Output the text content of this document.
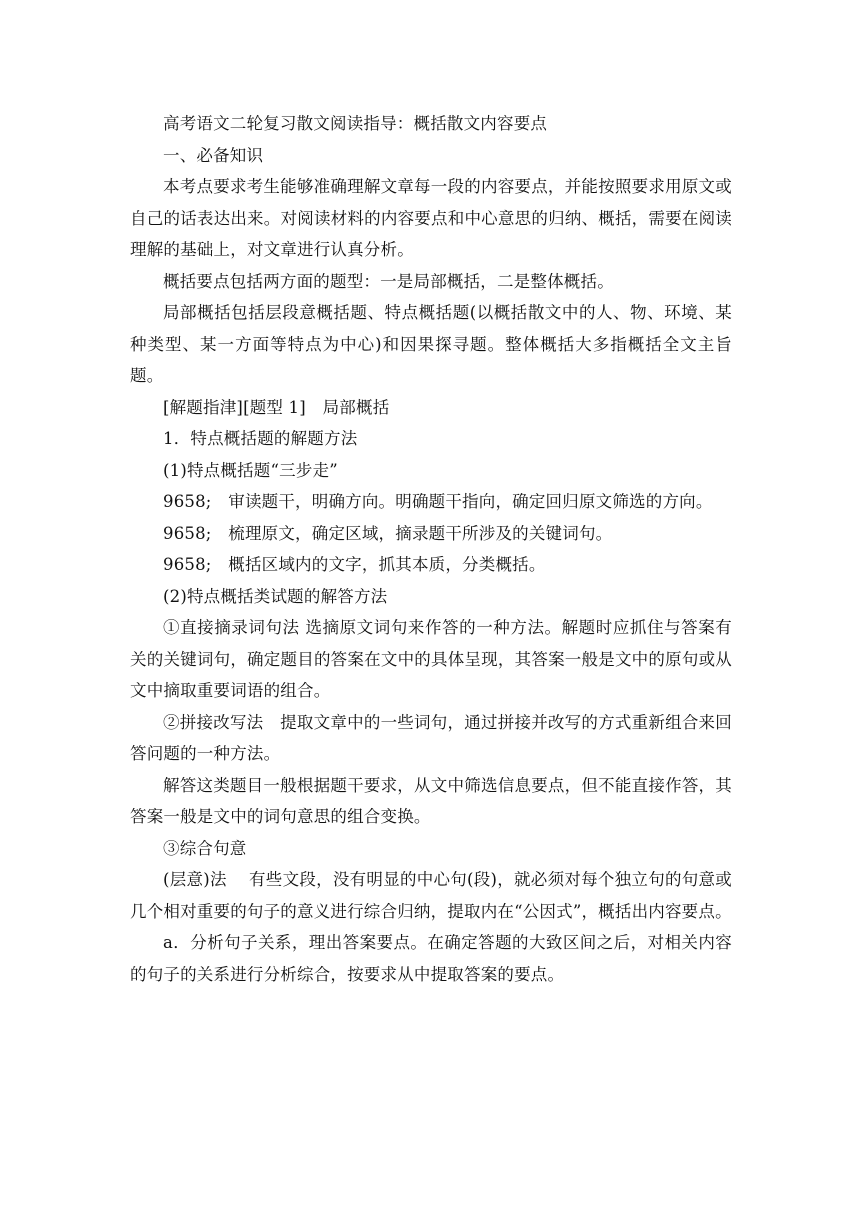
高考语文二轮复习散文阅读指导：概括散文内容要点

一、必备知识

本考点要求考生能够准确理解文章每一段的内容要点，并能按照要求用原文或自己的话表达出来。对阅读材料的内容要点和中心意思的归纳、概括，需要在阅读理解的基础上，对文章进行认真分析。

概括要点包括两方面的题型：一是局部概括，二是整体概括。

局部概括包括层段意概括题、特点概括题(以概括散文中的人、物、环境、某种类型、某一方面等特点为中心)和因果探寻题。整体概括大多指概括全文主旨题。

[解题指津][题型 1]　局部概括

1．特点概括题的解题方法

(1)特点概括题“三步走”

9658;　审读题干，明确方向。明确题干指向，确定回归原文筛选的方向。

9658;　梳理原文，确定区域，摘录题干所涉及的关键词句。

9658;　概括区域内的文字，抓其本质，分类概括。

(2)特点概括类试题的解答方法

①直接摘录词句法 选摘原文词句来作答的一种方法。解题时应抓住与答案有关的关键词句，确定题目的答案在文中的具体呈现，其答案一般是文中的原句或从文中摘取重要词语的组合。

②拼接改写法　提取文章中的一些词句，通过拼接并改写的方式重新组合来回答问题的一种方法。

解答这类题目一般根据题干要求，从文中筛选信息要点，但不能直接作答，其答案一般是文中的词句意思的组合变换。

③综合句意

(层意)法　 有些文段，没有明显的中心句(段)，就必须对每个独立句的句意或几个相对重要的句子的意义进行综合归纳，提取内在“公因式”，概括出内容要点。

a．分析句子关系，理出答案要点。在确定答题的大致区间之后，对相关内容的句子的关系进行分析综合，按要求从中提取答案的要点。
